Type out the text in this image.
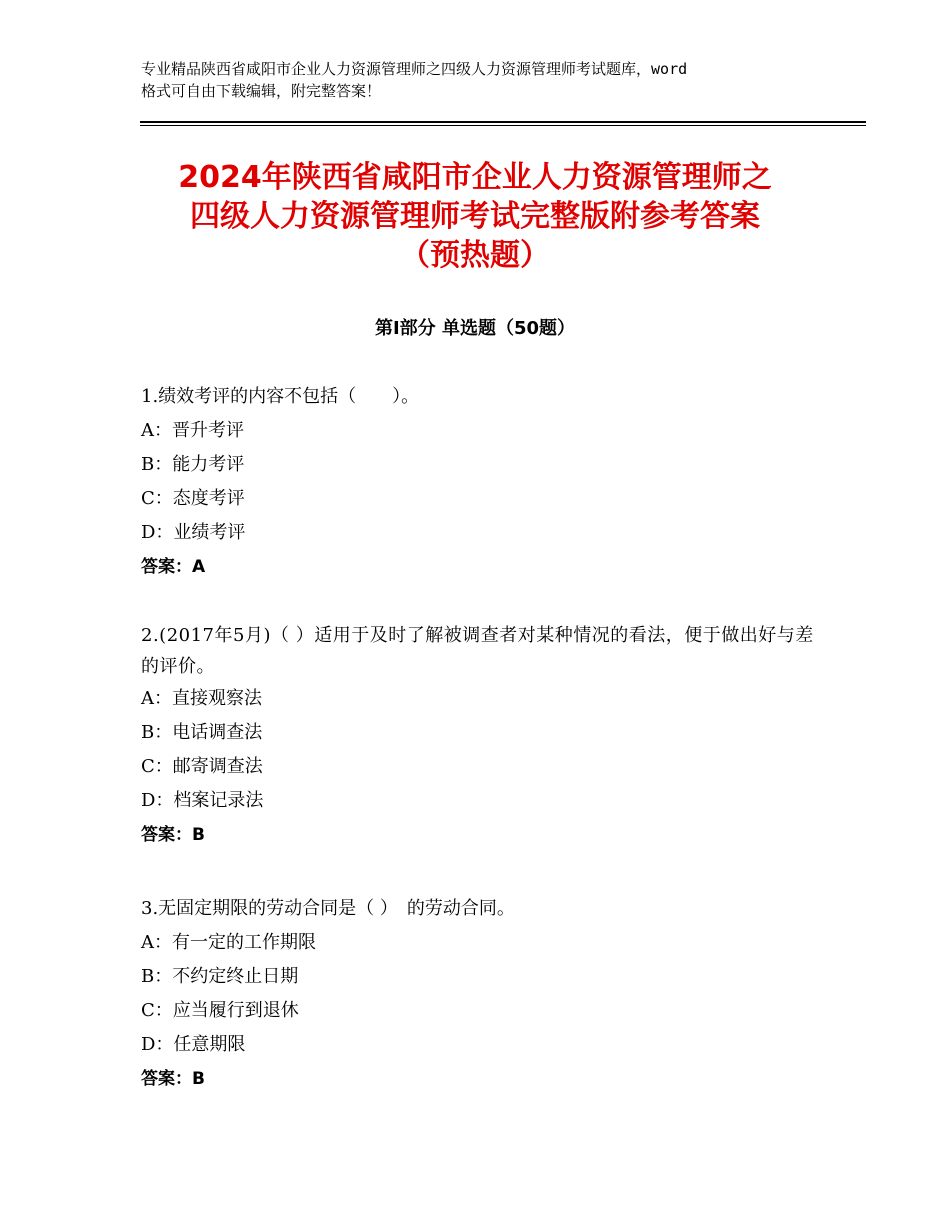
专业精品陕西省咸阳市企业人力资源管理师之四级人力资源管理师考试题库，word
格式可自由下载编辑，附完整答案！
2024年陕西省咸阳市企业人力资源管理师之
四级人力资源管理师考试完整版附参考答案
（预热题）
第Ⅰ部分 单选题（50题）
1.绩效考评的内容不包括（　　）。
A：晋升考评
B：能力考评
C：态度考评
D：业绩考评
答案：A
2.(2017年5月)（ ）适用于及时了解被调查者对某种情况的看法，便于做出好与差的评价。
A：直接观察法
B：电话调查法
C：邮寄调查法
D：档案记录法
答案：B
3.无固定期限的劳动合同是（ ）　的劳动合同。
A：有一定的工作期限
B：不约定终止日期
C：应当履行到退休
D：任意期限
答案：B
